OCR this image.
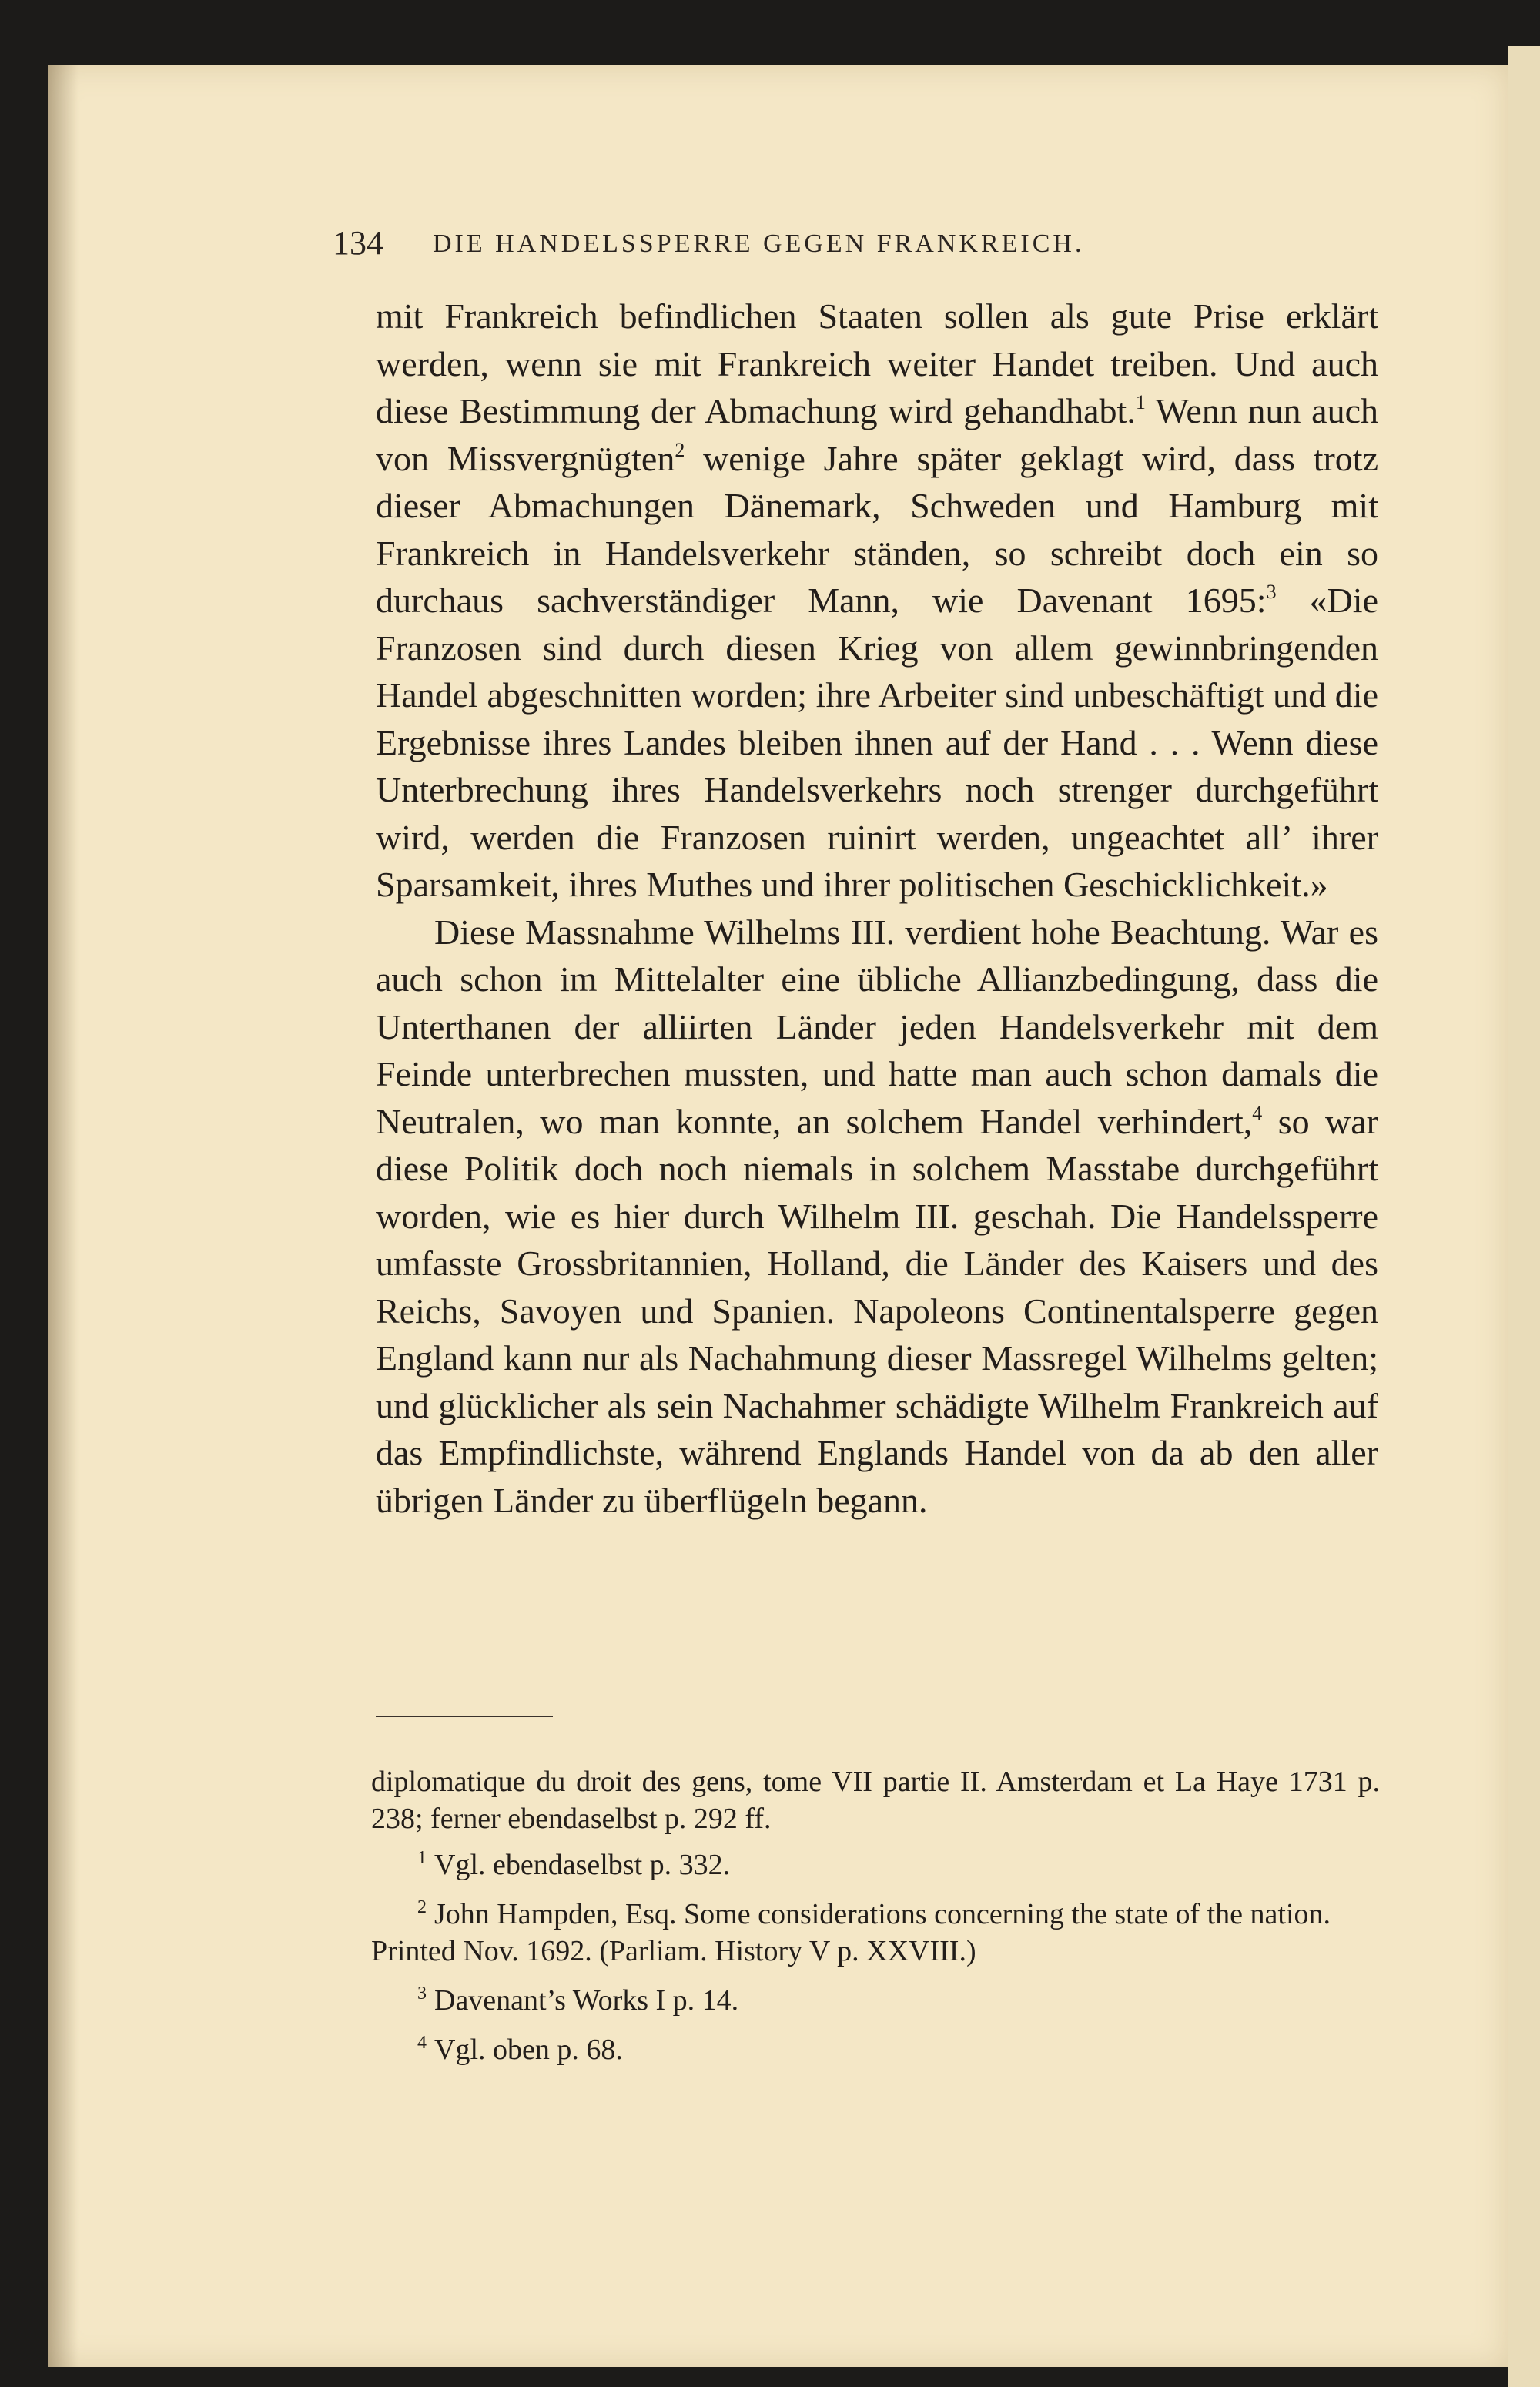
134 DIE HANDELSSPERRE GEGEN FRANKREICH.

mit Frankreich befindlichen Staaten sollen als gute Prise erklärt werden, wenn sie mit Frankreich weiter Handet treiben. Und auch diese Bestimmung der Abmachung wird gehandhabt.$^1$ Wenn nun auch von Missvergnügten$^2$ wenige Jahre später geklagt wird, dass trotz dieser Abmachungen Dänemark, Schweden und Hamburg mit Frankreich in Handelsverkehr ständen, so schreibt doch ein so durchaus sachverständiger Mann, wie Davenant 1695:$^3$ «Die Franzosen sind durch diesen Krieg von allem gewinnbringenden Handel abgeschnitten worden; ihre Arbeiter sind unbeschäftigt und die Ergebnisse ihres Landes bleiben ihnen auf der Hand . . . Wenn diese Unterbrechung ihres Handelsverkehrs noch strenger durchgeführt wird, werden die Franzosen ruinirt werden, ungeachtet all’ ihrer Sparsamkeit, ihres Muthes und ihrer politischen Geschicklichkeit.»

Diese Massnahme Wilhelms III. verdient hohe Beachtung. War es auch schon im Mittelalter eine übliche Allianzbedingung, dass die Unterthanen der alliirten Länder jeden Handelsverkehr mit dem Feinde unterbrechen mussten, und hatte man auch schon damals die Neutralen, wo man konnte, an solchem Handel verhindert,$^4$ so war diese Politik doch noch niemals in solchem Masstabe durchgeführt worden, wie es hier durch Wilhelm III. geschah. Die Handelssperre umfasste Grossbritannien, Holland, die Länder des Kaisers und des Reichs, Savoyen und Spanien. Napoleons Continentalsperre gegen England kann nur als Nachahmung dieser Massregel Wilhelms gelten; und glücklicher als sein Nachahmer schädigte Wilhelm Frankreich auf das Empfindlichste, während Englands Handel von da ab den aller übrigen Länder zu überflügeln begann.

diplomatique du droit des gens, tome VII partie II. Amsterdam et La Haye 1731 p. 238; ferner ebendaselbst p. 292 ff.

$^1$ Vgl. ebendaselbst p. 332.

$^2$ John Hampden, Esq. Some considerations concerning the state of the nation. Printed Nov. 1692. (Parliam. History V p. XXVIII.)

$^3$ Davenant’s Works I p. 14.

$^4$ Vgl. oben p. 68.
